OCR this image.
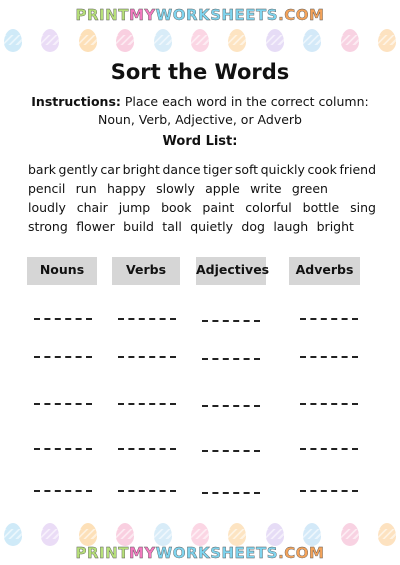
PRINTMYWORKSHEETS.COM
Sort the Words
Instructions: Place each word in the correct column: Noun, Verb, Adjective, or Adverb
Word List:
bark gently car bright dance tiger soft quickly cook friend
pencil run happy slowly apple write green
loudly chair jump book paint colorful bottle sing
strong flower build tall quietly dog laugh bright
Nouns	Verbs	Adjectives	Adverbs
PRINTMYWORKSHEETS.COM
